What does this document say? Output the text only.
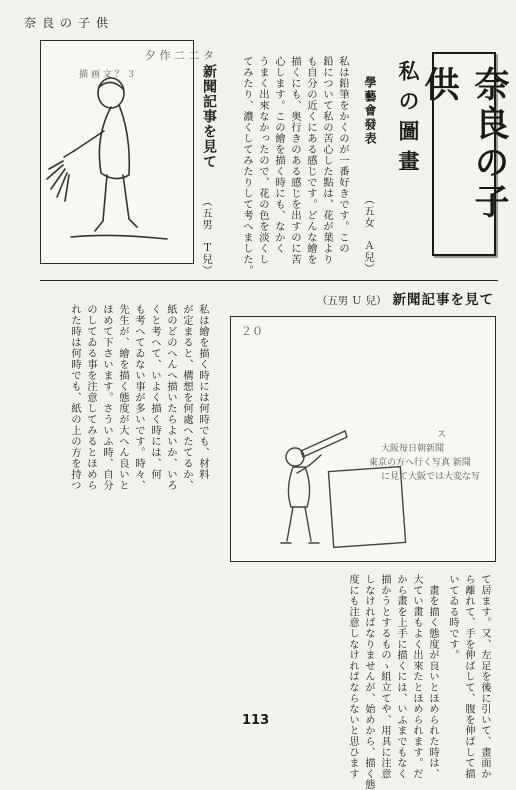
奈良の子供
夕 作 二 二 タ
描 画 文 ？ ３	奈良の子供
私の圖畫
學藝會發表
（五女　Ａ兒）
私は鉛筆をかくのが一番好きです。この
鉛について私の苦心した點は、花が葉より
も自分の近くにある感じです。どんな繪を
描くにも、奥行きのある感じを出すのに苦
心します。この繪を描く時にも、なかく
うまく出來なかったので、花の色を淡くし
てみたり、濃くしてみたりして考へました。
新聞記事を見て
（五男　Ｔ兒）
新聞記事を見て
（五男 Ｕ 兒）
私は繪を描く時には何時でも、材料
が定まると、構想を何處へたてるか、
紙のどのへんへ描いたらよいか、いろ
くと考へて、いよく描く時には、何
も考へてゐない事が多いです。時々、
先生が、繪を描く態度が大へん良いと
ほめて下さいます。さういふ時、自分
のしてゐる事を注意してみるとほめら
れた時は何時でも、紙の上の方を持つ
て居ます。又、左足を後に引いて、畫面か
ら離れて、手を伸ばして、腹を伸ばして描
いてゐる時です。
　畫を描く態度が良いとほめられた時は、
大てい畫もよく出來たとほめられます。だ
から畫を上手に描くには、いふまでもなく
描かうとするものゝ組立てや、用具に注意
しなければなりませんが、始めから、描く態
度にも注意しなければならないと思ひます
２０
ス
大阪毎日朝新聞
東京の方へ行く写真 新聞
に見て大阪では大変な写
113
